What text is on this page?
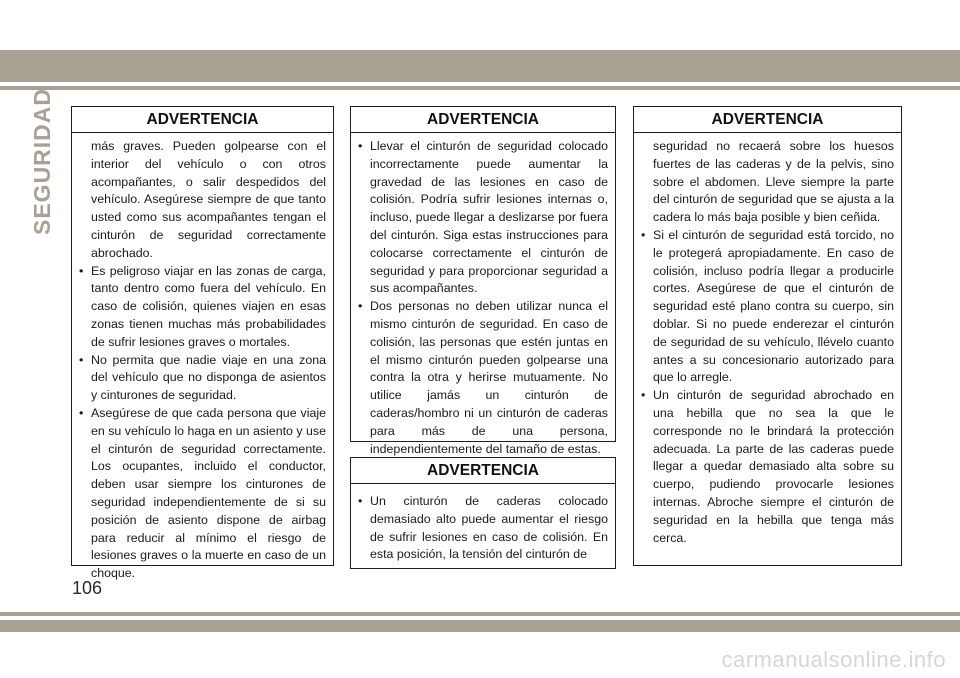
SEGURIDAD	ADVERTENCIA

más graves. Pueden golpearse con el interior del vehículo o con otros acompañantes, o salir despedidos del vehículo. Asegúrese siempre de que tanto usted como sus acompañantes tengan el cinturón de seguridad correctamente abrochado.

• Es peligroso viajar en las zonas de carga, tanto dentro como fuera del vehículo. En caso de colisión, quienes viajen en esas zonas tienen muchas más probabilidades de sufrir lesiones graves o mortales.
• No permita que nadie viaje en una zona del vehículo que no disponga de asientos y cinturones de seguridad.
• Asegúrese de que cada persona que viaje en su vehículo lo haga en un asiento y use el cinturón de seguridad correctamente. Los ocupantes, incluido el conductor, deben usar siempre los cinturones de seguridad independientemente de si su posición de asiento dispone de airbag para reducir al mínimo el riesgo de lesiones graves o la muerte en caso de un choque.
ADVERTENCIA
• Llevar el cinturón de seguridad colocado incorrectamente puede aumentar la gravedad de las lesiones en caso de colisión. Podría sufrir lesiones internas o, incluso, puede llegar a deslizarse por fuera del cinturón. Siga estas instrucciones para colocarse correctamente el cinturón de seguridad y para proporcionar seguridad a sus acompañantes.
• Dos personas no deben utilizar nunca el mismo cinturón de seguridad. En caso de colisión, las personas que estén juntas en el mismo cinturón pueden golpearse una contra la otra y herirse mutuamente. No utilice jamás un cinturón de caderas/hombro ni un cinturón de caderas para más de una persona, independientemente del tamaño de estas.
ADVERTENCIA
• Un cinturón de caderas colocado demasiado alto puede aumentar el riesgo de sufrir lesiones en caso de colisión. En esta posición, la tensión del cinturón de
ADVERTENCIA

seguridad no recaerá sobre los huesos fuertes de las caderas y de la pelvis, sino sobre el abdomen. Lleve siempre la parte del cinturón de seguridad que se ajusta a la cadera lo más baja posible y bien ceñida.

• Si el cinturón de seguridad está torcido, no le protegerá apropiadamente. En caso de colisión, incluso podría llegar a producirle cortes. Asegúrese de que el cinturón de seguridad esté plano contra su cuerpo, sin doblar. Si no puede enderezar el cinturón de seguridad de su vehículo, llévelo cuanto antes a su concesionario autorizado para que lo arregle.
• Un cinturón de seguridad abrochado en una hebilla que no sea la que le corresponde no le brindará la protección adecuada. La parte de las caderas puede llegar a quedar demasiado alta sobre su cuerpo, pudiendo provocarle lesiones internas. Abroche siempre el cinturón de seguridad en la hebilla que tenga más cerca.
106
carmanualsonline.info
